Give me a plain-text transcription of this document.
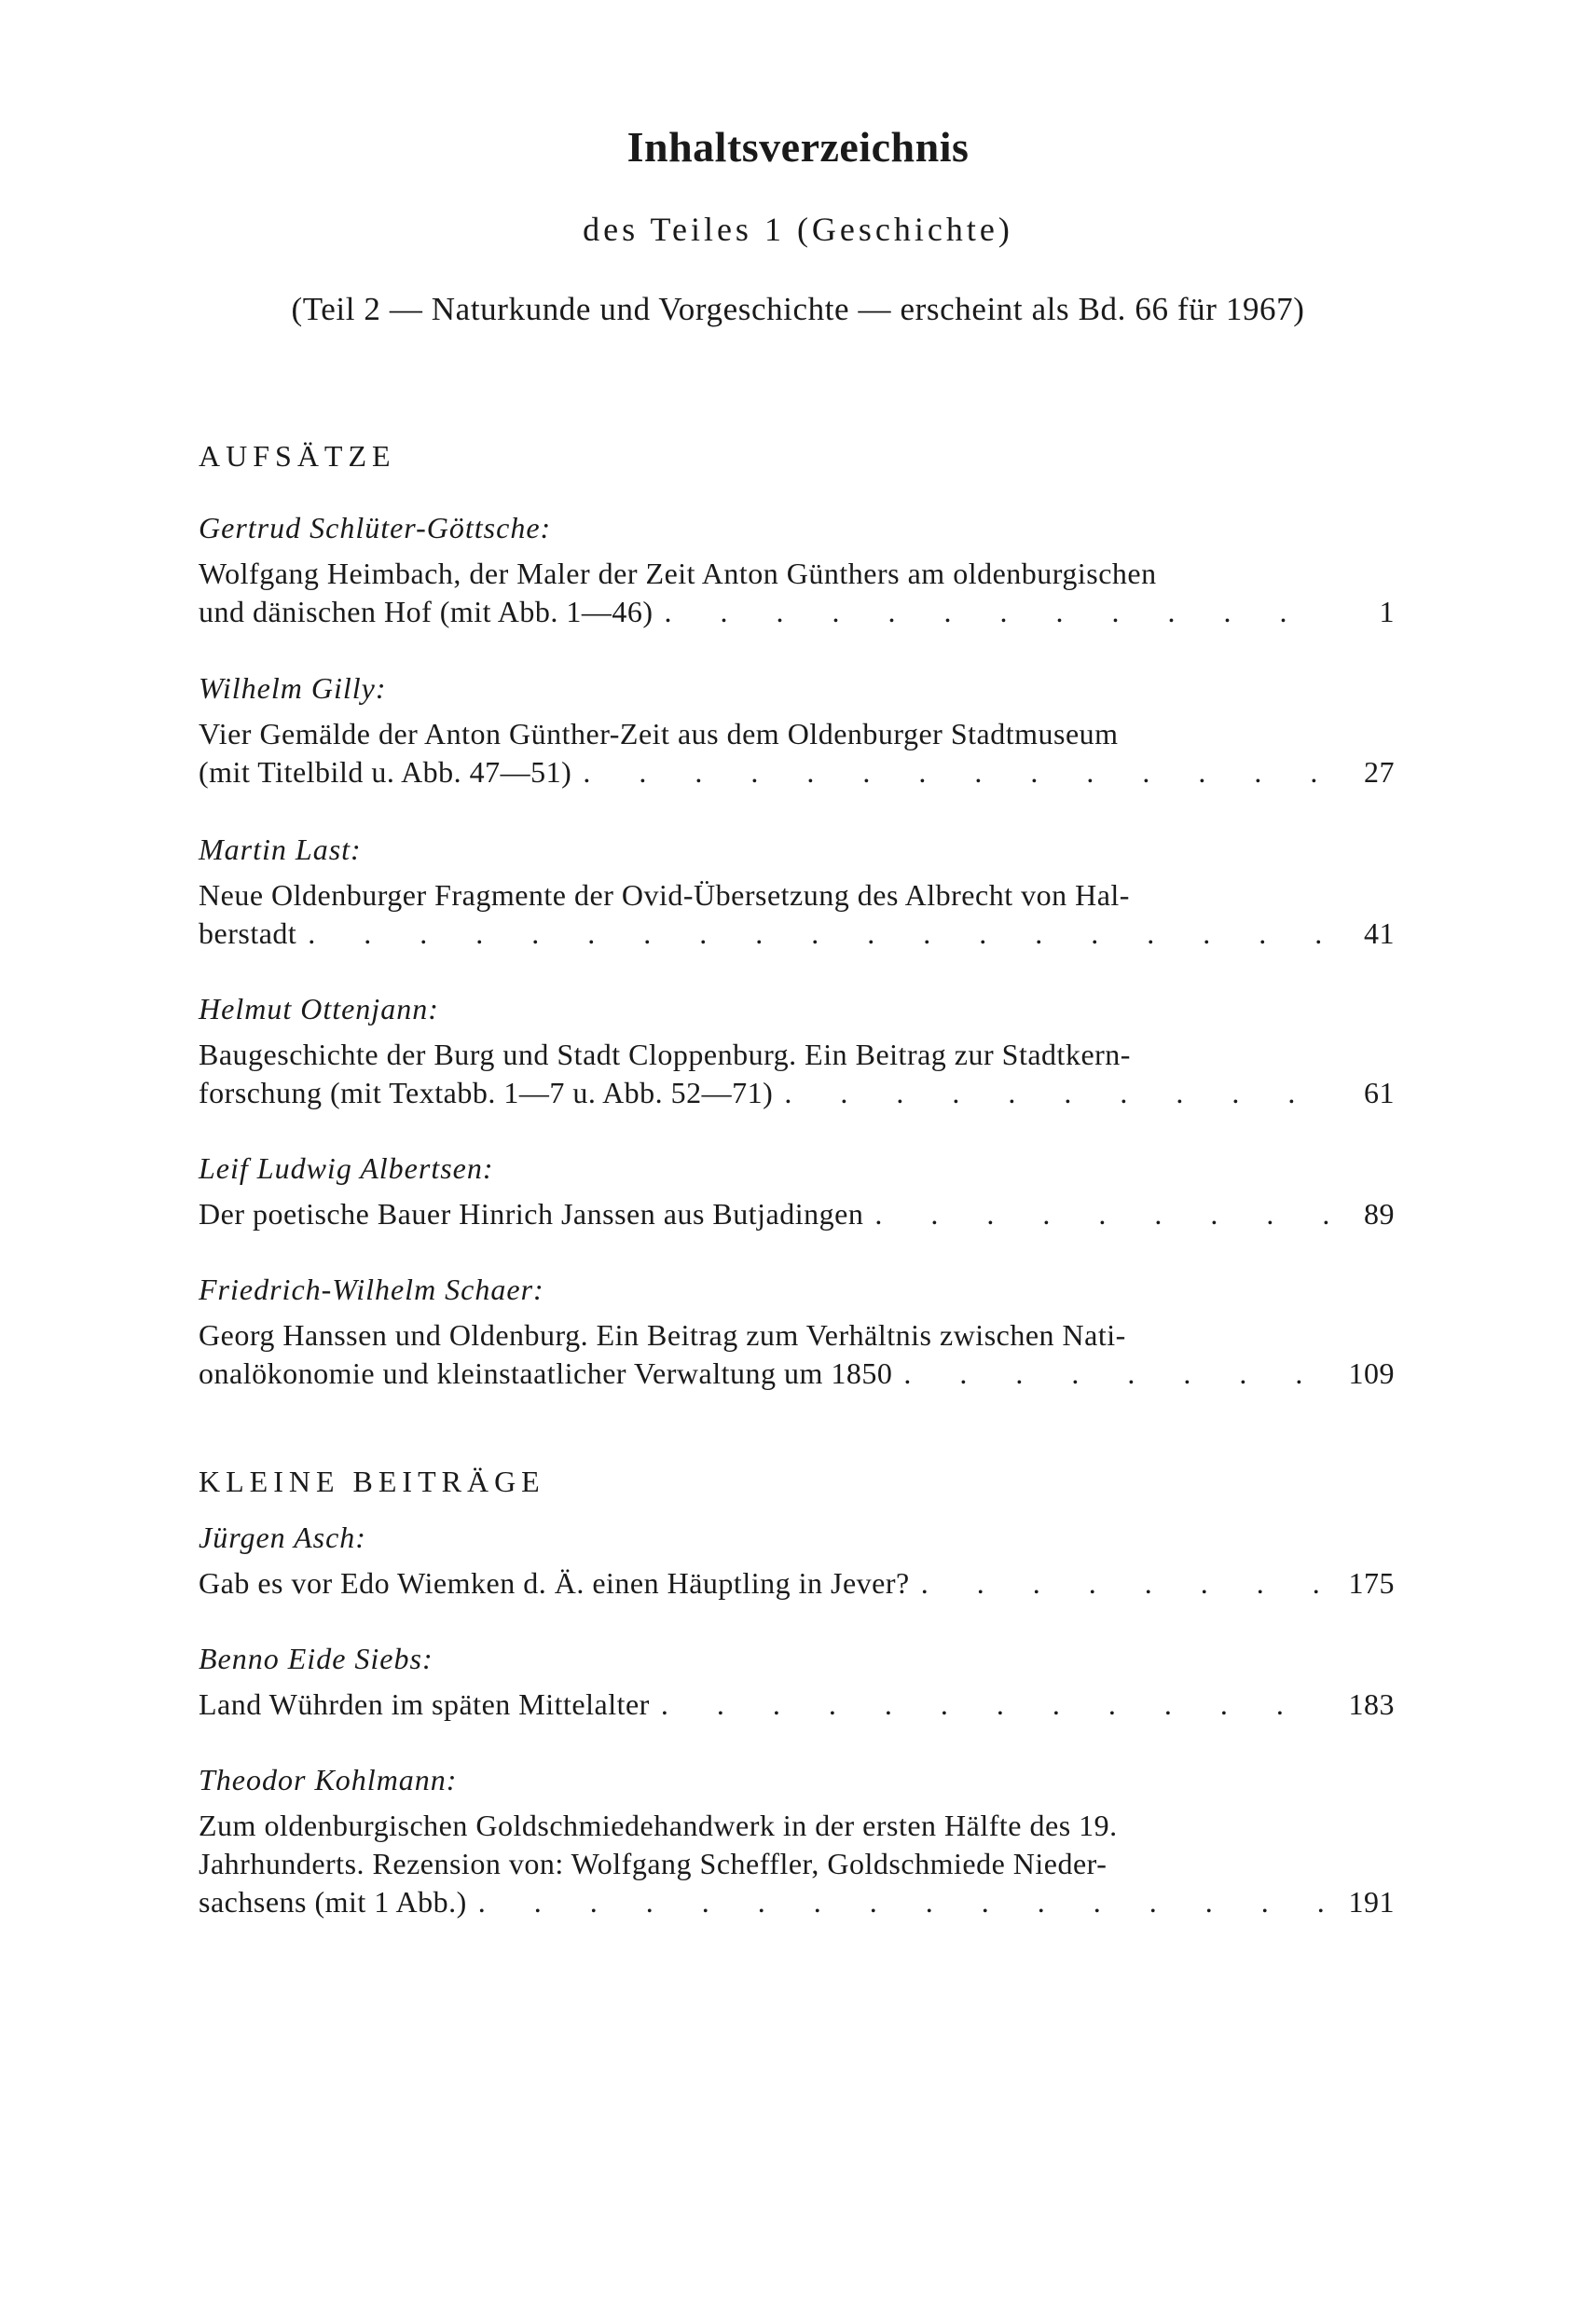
Inhaltsverzeichnis
des Teiles 1 (Geschichte)
(Teil 2 — Naturkunde und Vorgeschichte — erscheint als Bd. 66 für 1967)
AUFSÄTZE
Gertrud Schlüter-Göttsche:
Wolfgang Heimbach, der Maler der Zeit Anton Günthers am oldenburgischen
und dänischen Hof (mit Abb. 1—46) . . .	1
Wilhelm Gilly:
Vier Gemälde der Anton Günther-Zeit aus dem Oldenburger Stadtmuseum
(mit Titelbild u. Abb. 47—51) . . .	27
Martin Last:
Neue Oldenburger Fragmente der Ovid-Übersetzung des Albrecht von Hal-
berstadt . . .	41
Helmut Ottenjann:
Baugeschichte der Burg und Stadt Cloppenburg. Ein Beitrag zur Stadtkern-
forschung (mit Textabb. 1—7 u. Abb. 52—71) . . .	61
Leif Ludwig Albertsen:
Der poetische Bauer Hinrich Janssen aus Butjadingen . . .	89
Friedrich-Wilhelm Schaer:
Georg Hanssen und Oldenburg. Ein Beitrag zum Verhältnis zwischen Nati-
onalökonomie und kleinstaatlicher Verwaltung um 1850 . . .	109
KLEINE BEITRÄGE
Jürgen Asch:
Gab es vor Edo Wiemken d. Ä. einen Häuptling in Jever? . . .	175
Benno Eide Siebs:
Land Wührden im späten Mittelalter . . .	183
Theodor Kohlmann:
Zum oldenburgischen Goldschmiedehandwerk in der ersten Hälfte des 19.
Jahrhunderts. Rezension von: Wolfgang Scheffler, Goldschmiede Nieder-
sachsens (mit 1 Abb.) . . .	191
